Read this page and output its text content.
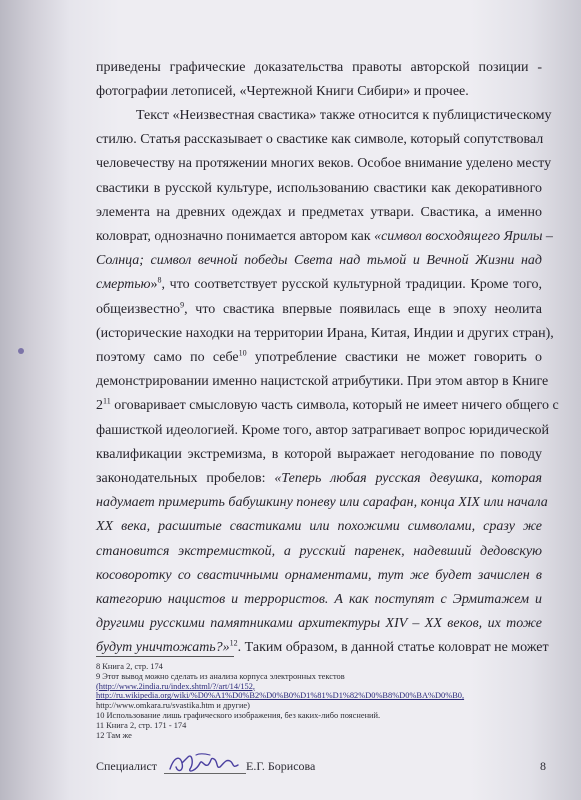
приведены графические доказательства правоты авторской позиции -
фотографии летописей, «Чертежной Книги Сибири» и прочее.
Текст «Неизвестная свастика» также относится к публицистическому
стилю. Статья рассказывает о свастике как символе, который сопутствовал
человечеству на протяжении многих веков. Особое внимание уделено месту
свастики в русской культуре, использованию свастики как декоративного
элемента на древних одеждах и предметах утвари. Свастика, а именно
коловрат, однозначно понимается автором как «символ восходящего Ярилы –
Солнца; символ вечной победы Света над тьмой и Вечной Жизни над
смертью»$^8$, что соответствует русской культурной традиции. Кроме того,
общеизвестно$^9$, что свастика впервые появилась еще в эпоху неолита
(исторические находки на территории Ирана, Китая, Индии и других стран),
поэтому само по себе$^{10}$ употребление свастики не может говорить о
демонстрировании именно нацистской атрибутики. При этом автор в Книге
$2^{11}$ оговаривает смысловую часть символа, который не имеет ничего общего с
фашисткой идеологией. Кроме того, автор затрагивает вопрос юридической
квалификации экстремизма, в которой выражает негодование по поводу
законодательных пробелов: «Теперь любая русская девушка, которая
надумает примерить бабушкину поневу или сарафан, конца XIX или начала
XX века, расшитые свастиками или похожими символами, сразу же
становится экстремисткой, а русский паренек, надевший дедовскую
косоворотку со свастичными орнаментами, тут же будет зачислен в
категорию нацистов и террористов. А как поступят с Эрмитажем и
другими русскими памятниками архитектуры XIV – XX веков, их тоже
будут уничтожать?»$^{12}$. Таким образом, в данной статье коловрат не может
8 Книга 2, стр. 174
9 Этот вывод можно сделать из анализа корпуса электронных текстов
(http://www.2india.ru/index.shtml/?/art/14/152,
http://ru.wikipedia.org/wiki/%D0%A1%D0%B2%D0%B0%D1%81%D1%82%D0%B8%D0%BA%D0%B0,
http://www.omkara.ru/svastika.htm и другие)
10 Использование лишь графического изображения, без каких-либо пояснений.
11 Книга 2, стр. 171 - 174
12 Там же
Специалист	Е.Г. Борисова	8
